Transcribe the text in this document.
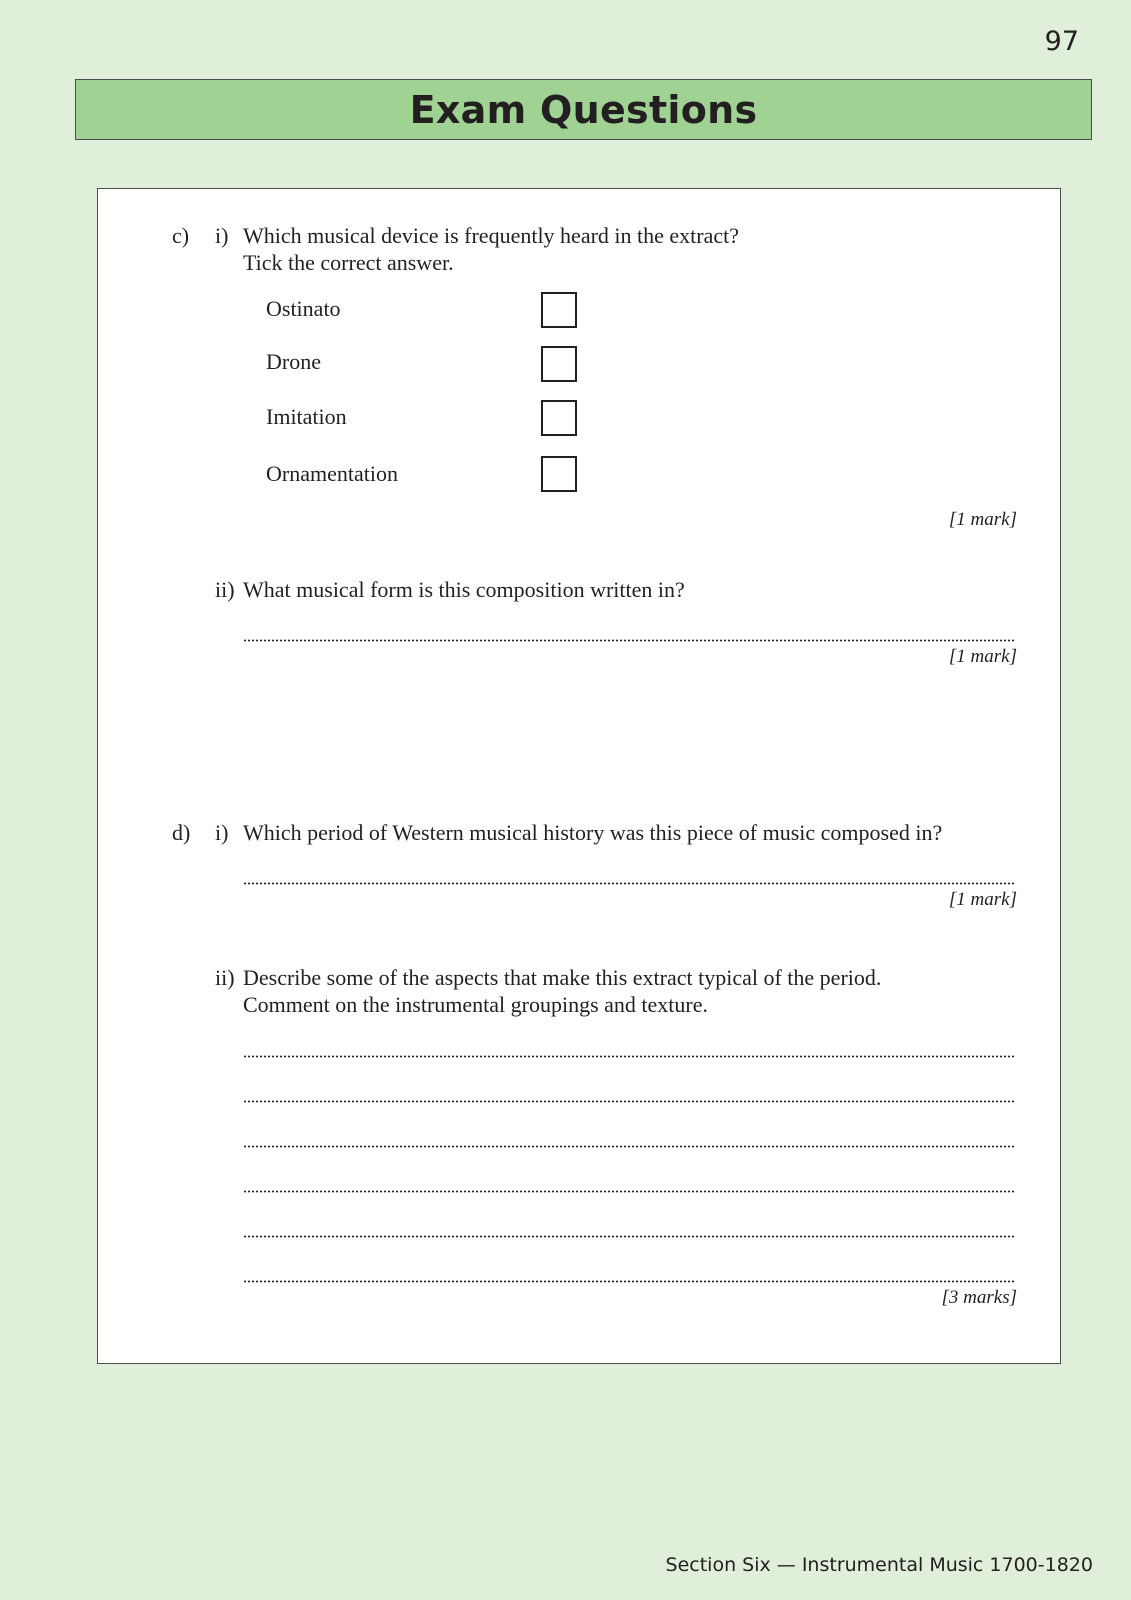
97
Exam Questions
c) i) Which musical device is frequently heard in the extract?
Tick the correct answer.
Ostinato
Drone
Imitation
Ornamentation
[1 mark]
ii) What musical form is this composition written in?
[1 mark]
d) i) Which period of Western musical history was this piece of music composed in?
[1 mark]
ii) Describe some of the aspects that make this extract typical of the period.
Comment on the instrumental groupings and texture.
[3 marks]
Section Six — Instrumental Music 1700-1820
